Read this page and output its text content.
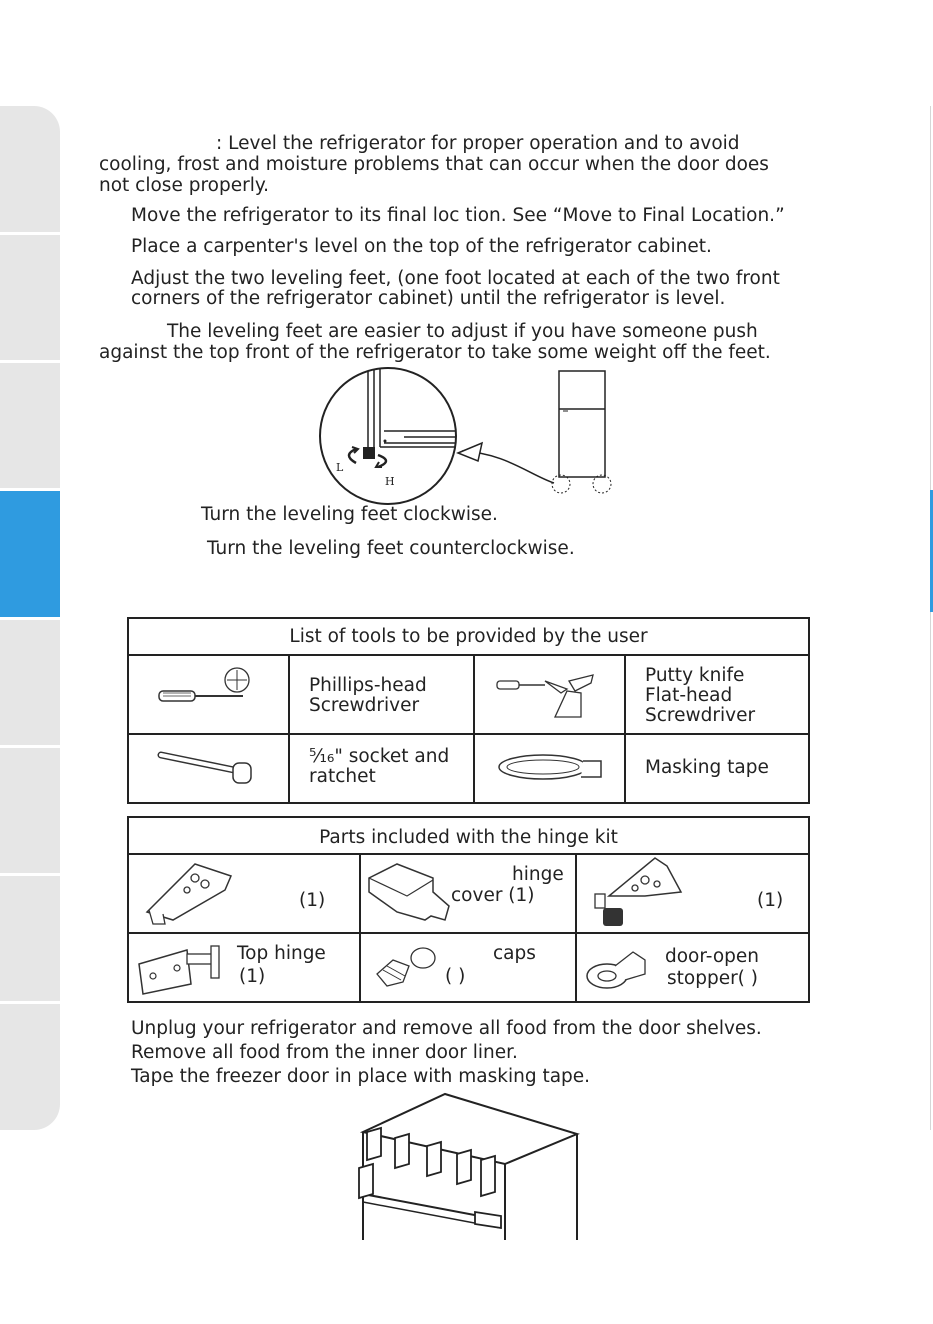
: Level the refrigerator for proper operation and to avoid
cooling, frost and moisture problems that can occur when the door does
not close properly.
Move the refrigerator to its final loc tion. See “Move to Final Location.”
Place a carpenter's level on the top of the refrigerator cabinet.
Adjust the two leveling feet, (one foot located at each of the two front
corners of the refrigerator cabinet) until the refrigerator is level.
The leveling feet are easier to adjust if you have someone push
against the top front of the refrigerator to take some weight off the feet.
L
H
Turn the leveling feet clockwise.
Turn the leveling feet counterclockwise.
List of tools to be provided by the user
Phillips-head
Screwdriver
Putty knife
Flat-head
Screwdriver
⁵⁄₁₆" socket and
ratchet	Masking tape
Parts included with the hinge kit
(1)
hinge
cover (1)	(1)
Top hinge
(1)
caps
( )
door-open
stopper( )
Unplug your refrigerator and remove all food from the door shelves.
Remove all food from the inner door liner.
Tape the freezer door in place with masking tape.
